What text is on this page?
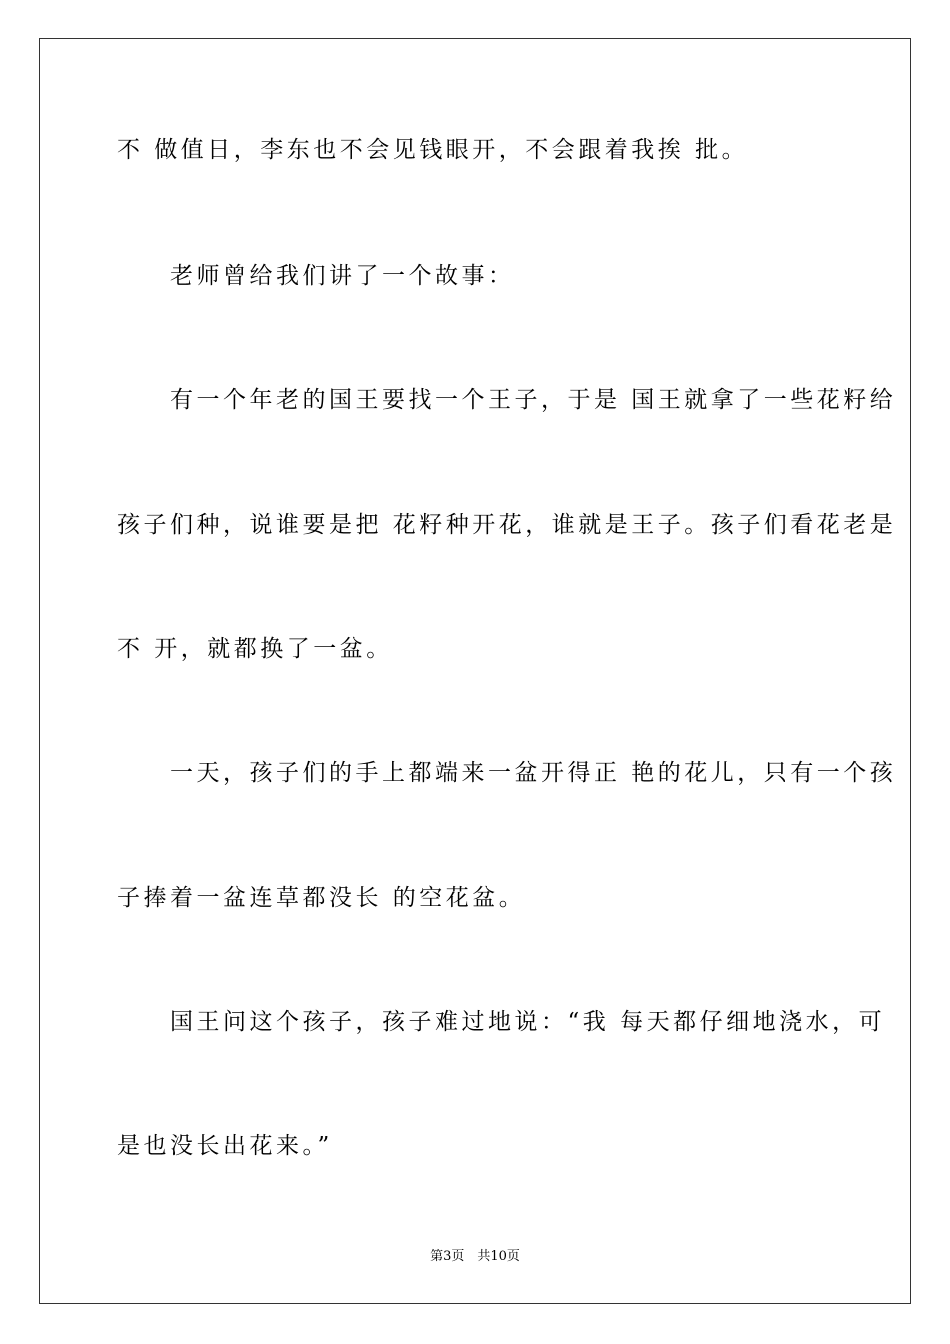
不 做值日，李东也不会见钱眼开，不会跟着我挨 批。
　　老师曾给我们讲了一个故事：
　　有一个年老的国王要找一个王子，于是 国王就拿了一些花籽给
孩子们种，说谁要是把 花籽种开花，谁就是王子。孩子们看花老是
不 开，就都换了一盆。
　　一天，孩子们的手上都端来一盆开得正 艳的花儿，只有一个孩
子捧着一盆连草都没长 的空花盆。
　　国王问这个孩子，孩子难过地说：“我 每天都仔细地浇水，可
是也没长出花来。”
第3页　共10页
